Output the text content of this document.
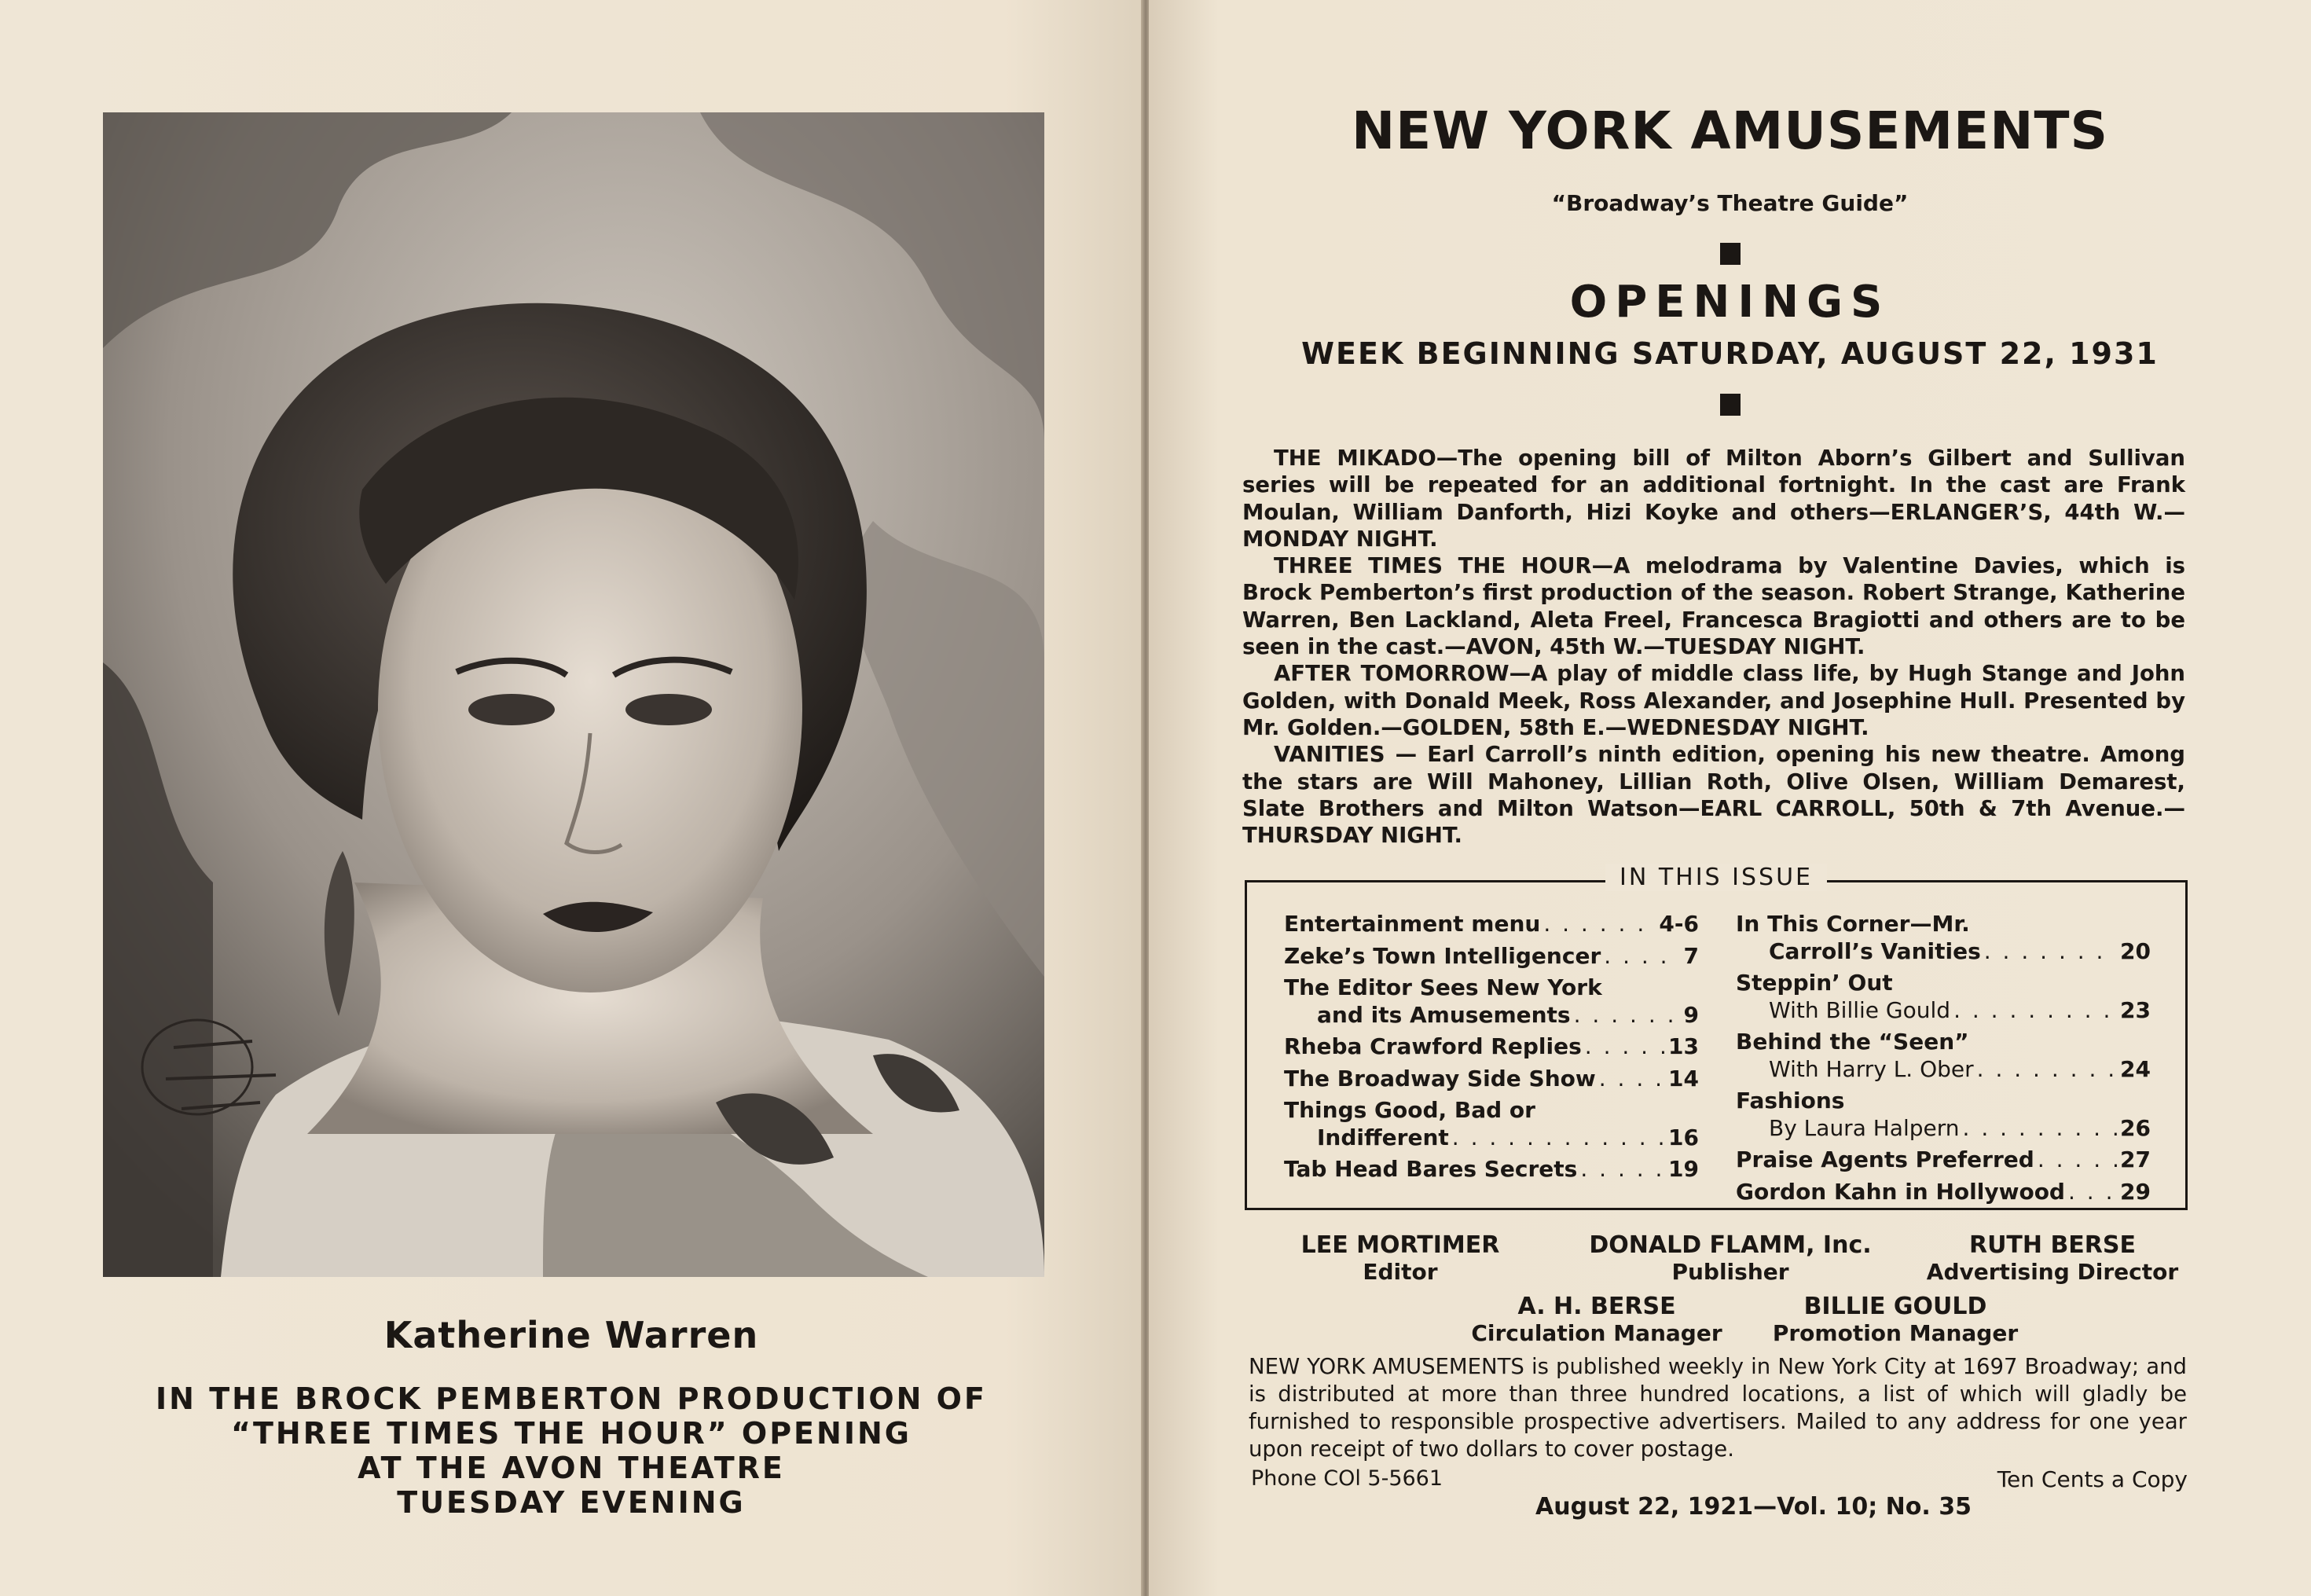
Katherine Warren
IN THE BROCK PEMBERTON PRODUCTION OF
“THREE TIMES THE HOUR” OPENING
AT THE AVON THEATRE
TUESDAY EVENING
NEW YORK AMUSEMENTS
“Broadway’s Theatre Guide”
OPENINGS
WEEK BEGINNING SATURDAY, AUGUST 22, 1931

THE MIKADO—The opening bill of Milton Aborn’s Gilbert and Sullivan series will be repeated for an additional fortnight. In the cast are Frank Moulan, William Danforth, Hizi Koyke and others—ERLANGER’S, 44th W.—MONDAY NIGHT.

THREE TIMES THE HOUR—A melodrama by Valentine Davies, which is Brock Pemberton’s first production of the season. Robert Strange, Katherine Warren, Ben Lackland, Aleta Freel, Francesca Bragiotti and others are to be seen in the cast.—AVON, 45th W.—TUESDAY NIGHT.

AFTER TOMORROW—A play of middle class life, by Hugh Stange and John Golden, with Donald Meek, Ross Alexander, and Josephine Hull. Presented by Mr. Golden.—GOLDEN, 58th E.—WEDNESDAY NIGHT.

VANITIES — Earl Carroll’s ninth edition, opening his new theatre. Among the stars are Will Mahoney, Lillian Roth, Olive Olsen, William Demarest, Slate Brothers and Milton Watson—EARL CARROLL, 50th & 7th Avenue.—THURSDAY NIGHT.

IN THIS ISSUE
Entertainment menu . . .	4-6
Zeke’s Town Intelligencer . . .	7
The Editor Sees New York
and its Amusements . . .	9
Rheba Crawford Replies . . .	13
The Broadway Side Show . . .	14
Things Good, Bad or
Indifferent . . .	16
Tab Head Bares Secrets . . .	19
In This Corner—Mr.
Carroll’s Vanities . . .	20
Steppin’ Out
With Billie Gould . . .	23
Behind the “Seen”
With Harry L. Ober . . .	24
Fashions
By Laura Halpern . . .	26
Praise Agents Preferred . . .	27
Gordon Kahn in Hollywood . . .	29
LEE MORTIMER
Editor
DONALD FLAMM, Inc.
Publisher
RUTH BERSE
Advertising Director
A. H. BERSE
Circulation Manager
BILLIE GOULD
Promotion Manager
NEW YORK AMUSEMENTS is published weekly in New York City at 1697 Broadway; and is distributed at more than three hundred locations, a list of which will gladly be furnished to responsible prospective advertisers. Mailed to any address for one year upon receipt of two dollars to cover postage.
Phone COl 5-5661	Ten Cents a Copy
August 22, 1921—Vol. 10; No. 35
